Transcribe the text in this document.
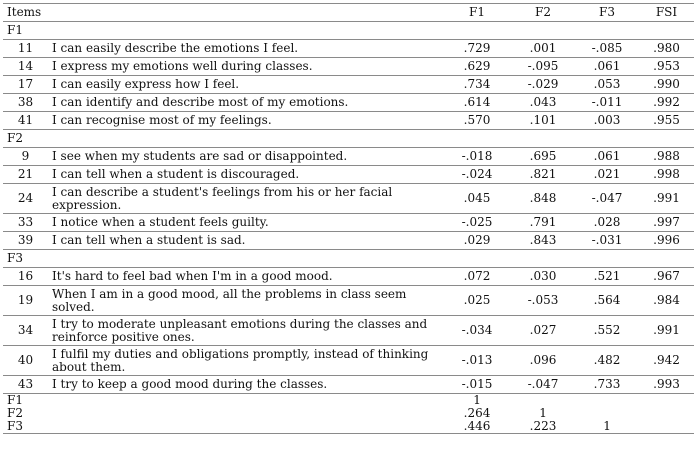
Items		F1	F2	F3	FSI
F1					
11	I can easily describe the emotions I feel.	.729	.001	-.085	.980
14	I express my emotions well during classes.	.629	-.095	.061	.953
17	I can easily express how I feel.	.734	-.029	.053	.990
38	I can identify and describe most of my emotions.	.614	.043	-.011	.992
41	I can recognise most of my feelings.	.570	.101	.003	.955
F2					
9	I see when my students are sad or disappointed.	-.018	.695	.061	.988
21	I can tell when a student is discouraged.	-.024	.821	.021	.998
24	I can describe a student's feelings from his or her facial expression.	.045	.848	-.047	.991
33	I notice when a student feels guilty.	-.025	.791	.028	.997
39	I can tell when a student is sad.	.029	.843	-.031	.996
F3					
16	It's hard to feel bad when I'm in a good mood.	.072	.030	.521	.967
19	When I am in a good mood, all the problems in class seem solved.	.025	-.053	.564	.984
34	I try to moderate unpleasant emotions during the classes and reinforce positive ones.	-.034	.027	.552	.991
40	I fulfil my duties and obligations promptly, instead of thinking about them.	-.013	.096	.482	.942
43	I try to keep a good mood during the classes.	-.015	-.047	.733	.993
F1		1			
F2		.264	1		
F3		.446	.223	1	
